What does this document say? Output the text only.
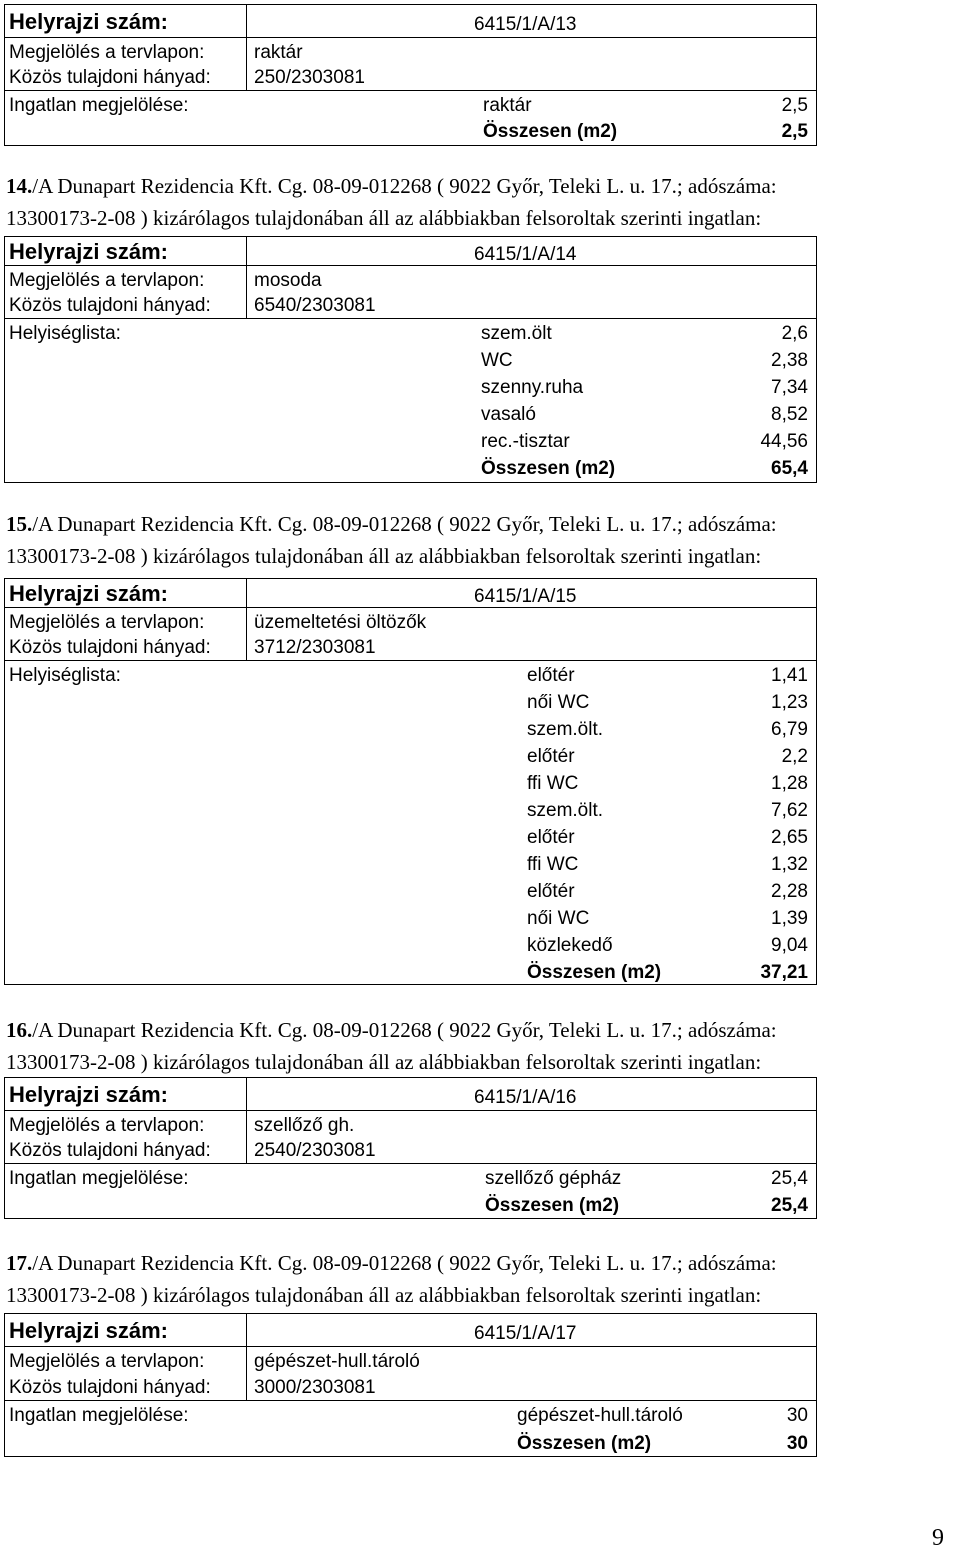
Helyrajzi szám:	6415/1/A/13
Megjelölés a tervlapon:	raktár
Közös tulajdoni hányad: 250/2303081
Ingatlan megjelölése:	raktár	2,5
Összesen (m2)	2,5
14./A Dunapart Rezidencia Kft. Cg. 08-09-012268 ( 9022 Győr, Teleki L. u. 17.; adószáma:
13300173-2-08 ) kizárólagos tulajdonában áll az alábbiakban felsoroltak szerinti ingatlan:
Helyrajzi szám:	6415/1/A/14
Megjelölés a tervlapon:	mosoda
Közös tulajdoni hányad: 6540/2303081
Helyiséglista:	szem.ölt	2,6
WC	2,38
szenny.ruha	7,34
vasaló	8,52
rec.-tisztar	44,56
Összesen (m2)	65,4
15./A Dunapart Rezidencia Kft. Cg. 08-09-012268 ( 9022 Győr, Teleki L. u. 17.; adószáma:
13300173-2-08 ) kizárólagos tulajdonában áll az alábbiakban felsoroltak szerinti ingatlan:
Helyrajzi szám:	6415/1/A/15
Megjelölés a tervlapon:	üzemeltetési öltözők
Közös tulajdoni hányad: 3712/2303081
Helyiséglista:	előtér	1,41
női WC	1,23
szem.ölt.	6,79
előtér	2,2
ffi WC	1,28
szem.ölt.	7,62
előtér	2,65
ffi WC	1,32
előtér	2,28
női WC	1,39
közlekedő	9,04
Összesen (m2)	37,21
16./A Dunapart Rezidencia Kft. Cg. 08-09-012268 ( 9022 Győr, Teleki L. u. 17.; adószáma:
13300173-2-08 ) kizárólagos tulajdonában áll az alábbiakban felsoroltak szerinti ingatlan:
Helyrajzi szám:	6415/1/A/16
Megjelölés a tervlapon:	szellőző gh.
Közös tulajdoni hányad: 2540/2303081
Ingatlan megjelölése:	szellőző gépház	25,4
Összesen (m2)	25,4
17./A Dunapart Rezidencia Kft. Cg. 08-09-012268 ( 9022 Győr, Teleki L. u. 17.; adószáma:
13300173-2-08 ) kizárólagos tulajdonában áll az alábbiakban felsoroltak szerinti ingatlan:
Helyrajzi szám:	6415/1/A/17
Megjelölés a tervlapon:	gépészet-hull.tároló
Közös tulajdoni hányad: 3000/2303081
Ingatlan megjelölése:	gépészet-hull.tároló	30
Összesen (m2)	30
9
